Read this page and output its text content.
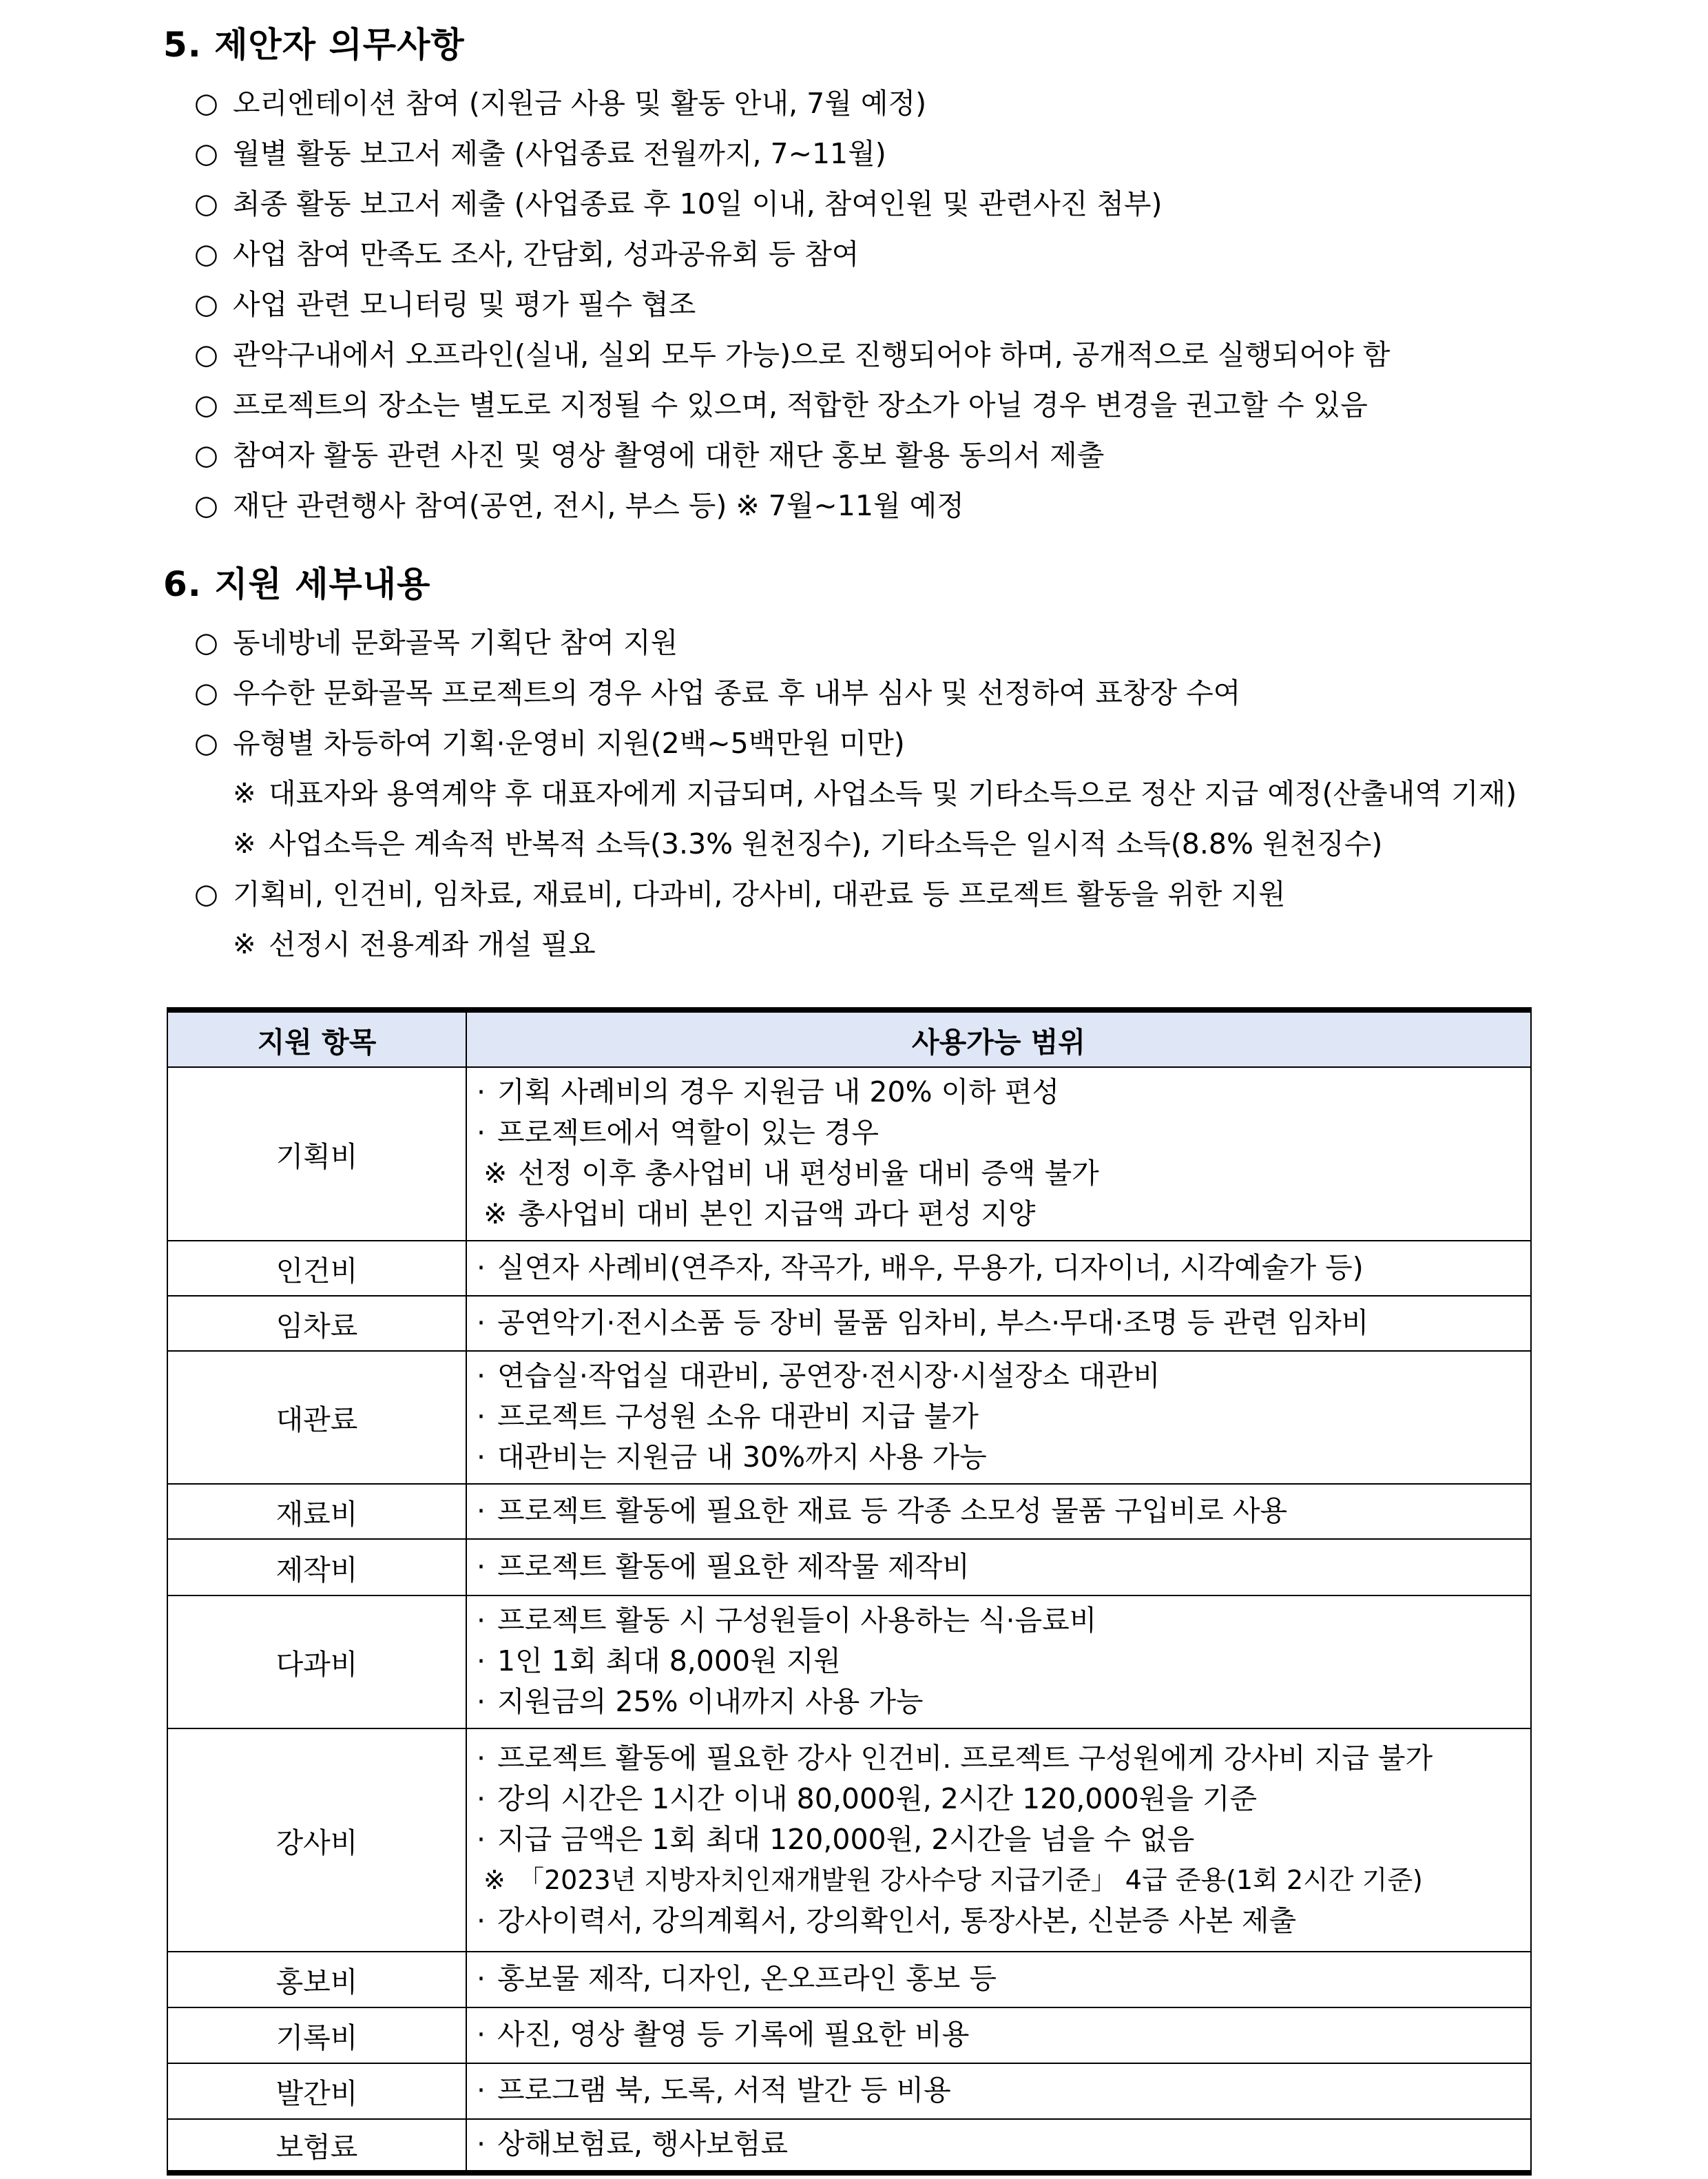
5. 제안자 의무사항
○ 오리엔테이션 참여 (지원금 사용 및 활동 안내, 7월 예정)
○ 월별 활동 보고서 제출 (사업종료 전월까지, 7~11월)
○ 최종 활동 보고서 제출 (사업종료 후 10일 이내, 참여인원 및 관련사진 첨부)
○ 사업 참여 만족도 조사, 간담회, 성과공유회 등 참여
○ 사업 관련 모니터링 및 평가 필수 협조
○ 관악구내에서 오프라인(실내, 실외 모두 가능)으로 진행되어야 하며, 공개적으로 실행되어야 함
○ 프로젝트의 장소는 별도로 지정될 수 있으며, 적합한 장소가 아닐 경우 변경을 권고할 수 있음
○ 참여자 활동 관련 사진 및 영상 촬영에 대한 재단 홍보 활용 동의서 제출
○ 재단 관련행사 참여(공연, 전시, 부스 등) ※ 7월~11월 예정
6. 지원 세부내용
○ 동네방네 문화골목 기획단 참여 지원
○ 우수한 문화골목 프로젝트의 경우 사업 종료 후 내부 심사 및 선정하여 표창장 수여
○ 유형별 차등하여 기획·운영비 지원(2백~5백만원 미만)
※ 대표자와 용역계약 후 대표자에게 지급되며, 사업소득 및 기타소득으로 정산 지급 예정(산출내역 기재)
※ 사업소득은 계속적 반복적 소득(3.3% 원천징수), 기타소득은 일시적 소득(8.8% 원천징수)
○ 기획비, 인건비, 임차료, 재료비, 다과비, 강사비, 대관료 등 프로젝트 활동을 위한 지원
※ 선정시 전용계좌 개설 필요
지원 항목	사용가능 범위
기획비	· 기획 사례비의 경우 지원금 내 20% 이하 편성
· 프로젝트에서 역할이 있는 경우
※ 선정 이후 총사업비 내 편성비율 대비 증액 불가
※ 총사업비 대비 본인 지급액 과다 편성 지양

인건비	· 실연자 사례비(연주자, 작곡가, 배우, 무용가, 디자이너, 시각예술가 등)

임차료	· 공연악기·전시소품 등 장비 물품 임차비, 부스·무대·조명 등 관련 임차비

대관료	· 연습실·작업실 대관비, 공연장·전시장·시설장소 대관비
· 프로젝트 구성원 소유 대관비 지급 불가
· 대관비는 지원금 내 30%까지 사용 가능

재료비	· 프로젝트 활동에 필요한 재료 등 각종 소모성 물품 구입비로 사용

제작비	· 프로젝트 활동에 필요한 제작물 제작비

다과비	· 프로젝트 활동 시 구성원들이 사용하는 식·음료비
· 1인 1회 최대 8,000원 지원
· 지원금의 25% 이내까지 사용 가능

강사비	· 프로젝트 활동에 필요한 강사 인건비. 프로젝트 구성원에게 강사비 지급 불가
· 강의 시간은 1시간 이내 80,000원, 2시간 120,000원을 기준
· 지급 금액은 1회 최대 120,000원, 2시간을 넘을 수 없음
※ 「2023년 지방자치인재개발원 강사수당 지급기준」 4급 준용(1회 2시간 기준)
· 강사이력서, 강의계획서, 강의확인서, 통장사본, 신분증 사본 제출

홍보비	· 홍보물 제작, 디자인, 온오프라인 홍보 등

기록비	· 사진, 영상 촬영 등 기록에 필요한 비용

발간비	· 프로그램 북, 도록, 서적 발간 등 비용

보험료	· 상해보험료, 행사보험료
